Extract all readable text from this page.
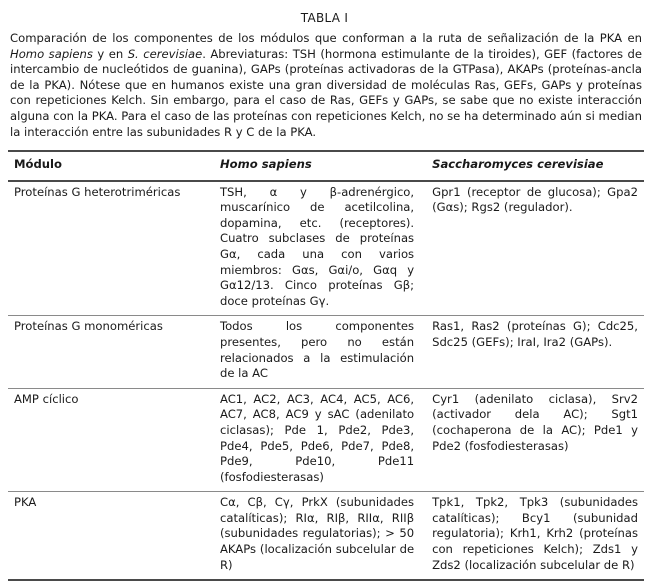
TABLA I
Comparación de los componentes de los módulos que conforman a la ruta de señalización de la PKA en Homo sapiens y en S. cerevisiae. Abreviaturas: TSH (hormona estimulante de la tiroides), GEF (factores de intercambio de nucleótidos de guanina), GAPs (proteínas activadoras de la GTPasa), AKAPs (proteínas-ancla de la PKA). Nótese que en humanos existe una gran diversidad de moléculas Ras, GEFs, GAPs y proteínas con repeticiones Kelch. Sin embargo, para el caso de Ras, GEFs y GAPs, se sabe que no existe interacción alguna con la PKA. Para el caso de las proteínas con repeticiones Kelch, no se ha determinado aún si median la interacción entre las subunidades R y C de la PKA.
Módulo	Homo sapiens	Saccharomyces cerevisiae
Proteínas G heterotriméricas	TSH, α y β-adrenérgico, muscarínico de acetilcolina, dopamina, etc. (receptores). Cuatro subclases de proteínas Gα, cada una con varios miembros: Gαs, Gαi/o, Gαq y Gα12/13. Cinco proteínas Gβ; doce proteínas Gγ.	Gpr1 (receptor de glucosa); Gpa2 (Gαs); Rgs2 (regulador).
Proteínas G monoméricas	Todos los componentes presentes, pero no están relacionados a la estimulación de la AC	Ras1, Ras2 (proteínas G); Cdc25, Sdc25 (GEFs); IraI, Ira2 (GAPs).
AMP cíclico	AC1, AC2, AC3, AC4, AC5, AC6, AC7, AC8, AC9 y sAC (adenilato ciclasas); Pde 1, Pde2, Pde3, Pde4, Pde5, Pde6, Pde7, Pde8, Pde9, Pde10, Pde11 (fosfodiesterasas)	Cyr1 (adenilato ciclasa), Srv2 (activador dela AC); Sgt1 (cochaperona de la AC); Pde1 y Pde2 (fosfodiesterasas)
PKA	Cα, Cβ, Cγ, PrkX (subunidades catalíticas); RIα, RIβ, RIIα, RIIβ (subunidades regulatorias); > 50 AKAPs (localización subcelular de R)	Tpk1, Tpk2, Tpk3 (subunidades catalíticas); Bcy1 (subunidad regulatoria); Krh1, Krh2 (proteínas con repeticiones Kelch); Zds1 y Zds2 (localización subcelular de R)
